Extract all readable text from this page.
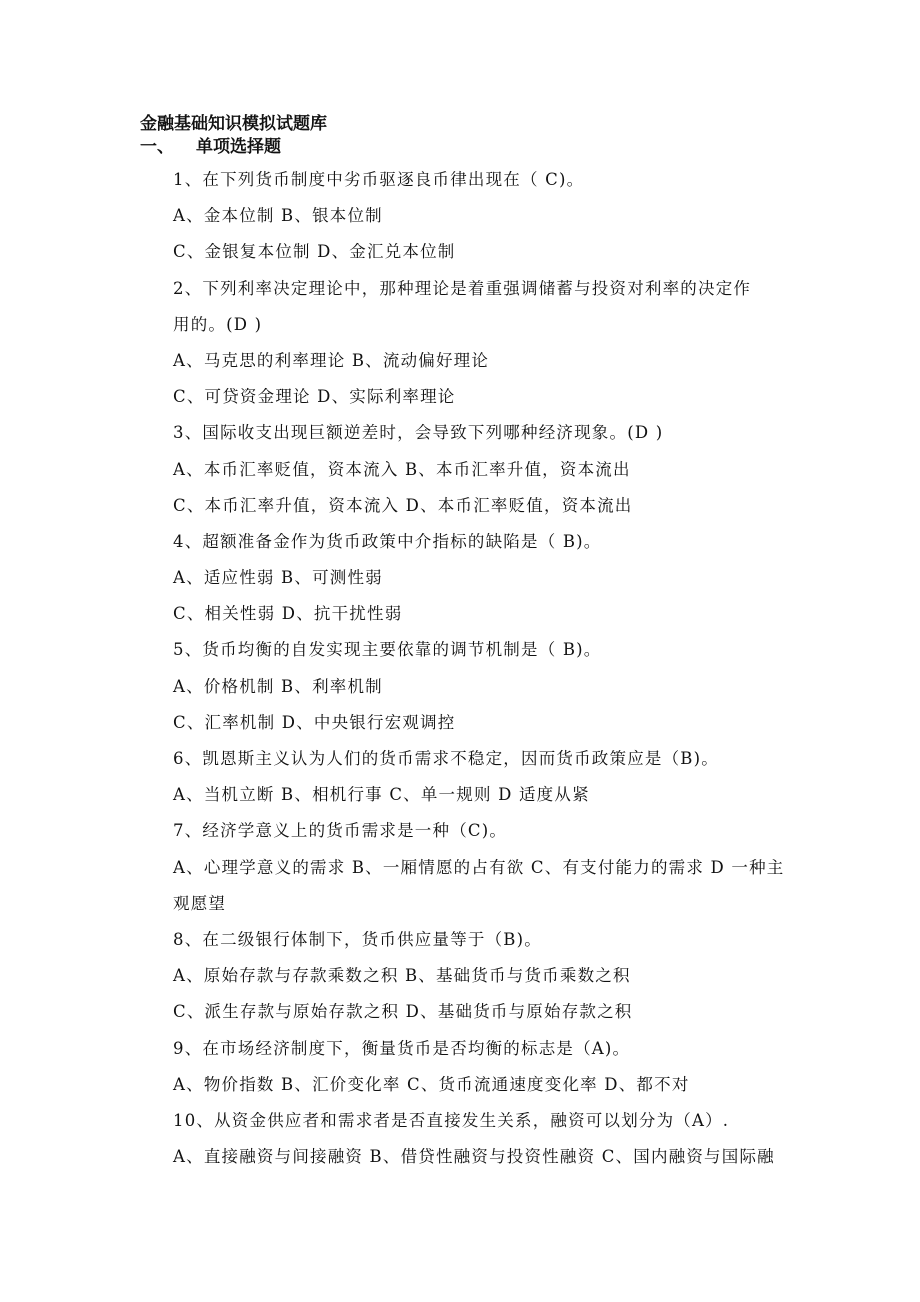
金融基础知识模拟试题库
一、 单项选择题
1、在下列货币制度中劣币驱逐良币律出现在（ C)。
A、金本位制 B、银本位制
C、金银复本位制 D、金汇兑本位制
2、下列利率决定理论中，那种理论是着重强调储蓄与投资对利率的决定作
用的。(D )
A、马克思的利率理论 B、流动偏好理论
C、可贷资金理论 D、实际利率理论
3、国际收支出现巨额逆差时，会导致下列哪种经济现象。(D )
A、本币汇率贬值，资本流入 B、本币汇率升值，资本流出
C、本币汇率升值，资本流入 D、本币汇率贬值，资本流出
4、超额准备金作为货币政策中介指标的缺陷是（ B)。
A、适应性弱 B、可测性弱
C、相关性弱 D、抗干扰性弱
5、货币均衡的自发实现主要依靠的调节机制是（ B)。
A、价格机制 B、利率机制
C、汇率机制 D、中央银行宏观调控
6、凯恩斯主义认为人们的货币需求不稳定，因而货币政策应是（B)。
A、当机立断 B、相机行事 C、单一规则 D 适度从紧
7、经济学意义上的货币需求是一种（C)。
A、心理学意义的需求 B、一厢情愿的占有欲 C、有支付能力的需求 D 一种主
观愿望
8、在二级银行体制下，货币供应量等于（B)。
A、原始存款与存款乘数之积 B、基础货币与货币乘数之积
C、派生存款与原始存款之积 D、基础货币与原始存款之积
9、在市场经济制度下，衡量货币是否均衡的标志是（A)。
A、物价指数 B、汇价变化率 C、货币流通速度变化率 D、都不对
10、从资金供应者和需求者是否直接发生关系，融资可以划分为（A）.
A、直接融资与间接融资 B、借贷性融资与投资性融资 C、国内融资与国际融
